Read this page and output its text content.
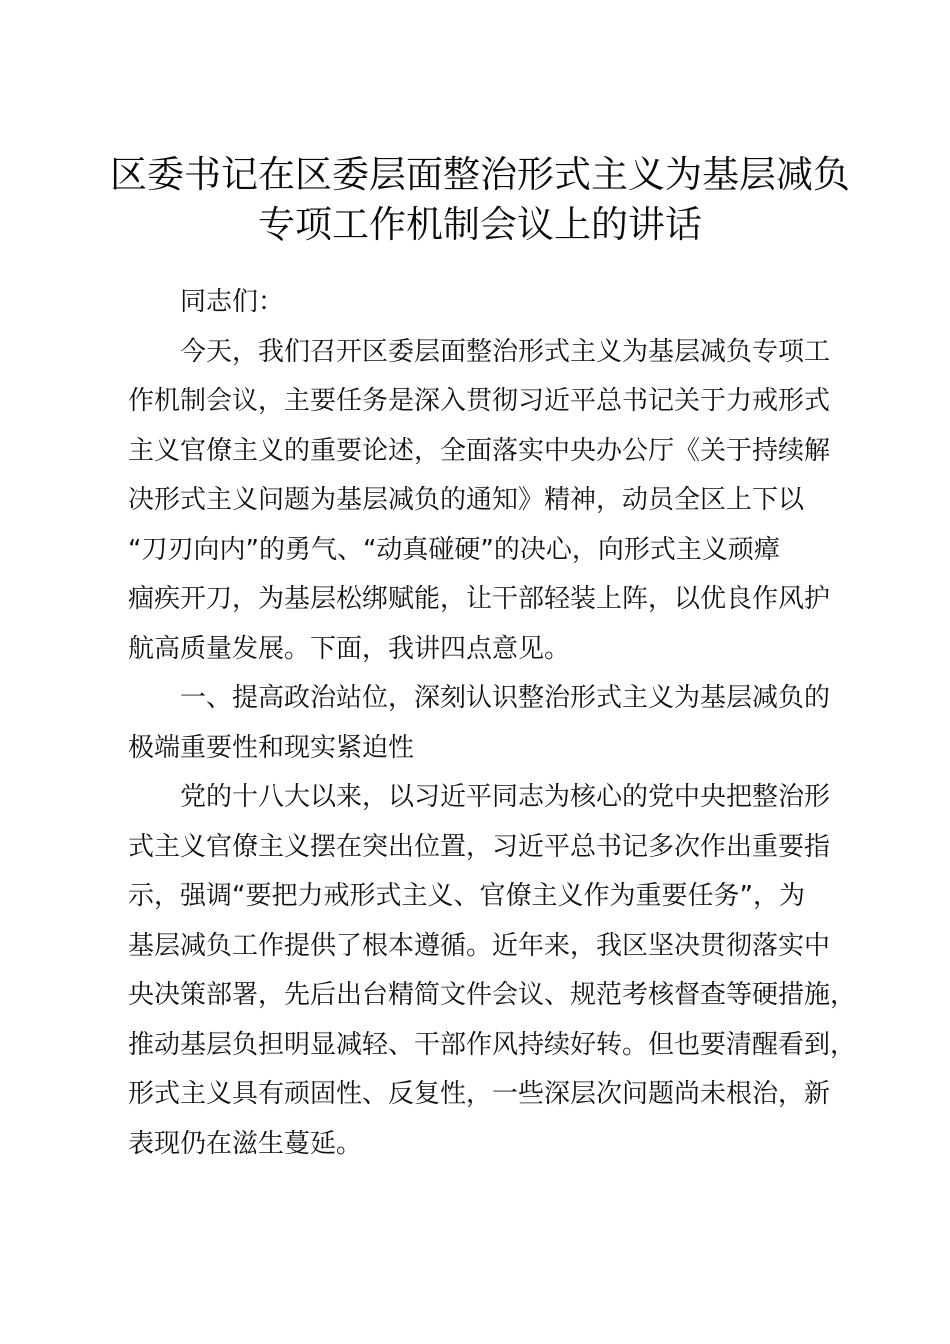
区委书记在区委层面整治形式主义为基层减负
专项工作机制会议上的讲话

同志们：

今天，我们召开区委层面整治形式主义为基层减负专项工
作机制会议，主要任务是深入贯彻习近平总书记关于力戒形式
主义官僚主义的重要论述，全面落实中央办公厅《关于持续解
决形式主义问题为基层减负的通知》精神，动员全区上下以
“刀刃向内”的勇气、“动真碰硬”的决心，向形式主义顽瘴
痼疾开刀，为基层松绑赋能，让干部轻装上阵，以优良作风护
航高质量发展。下面，我讲四点意见。

一、提高政治站位，深刻认识整治形式主义为基层减负的
极端重要性和现实紧迫性

党的十八大以来，以习近平同志为核心的党中央把整治形
式主义官僚主义摆在突出位置，习近平总书记多次作出重要指
示，强调“要把力戒形式主义、官僚主义作为重要任务”，为
基层减负工作提供了根本遵循。近年来，我区坚决贯彻落实中
央决策部署，先后出台精简文件会议、规范考核督查等硬措施，
推动基层负担明显减轻、干部作风持续好转。但也要清醒看到，
形式主义具有顽固性、反复性，一些深层次问题尚未根治，新
表现仍在滋生蔓延。
